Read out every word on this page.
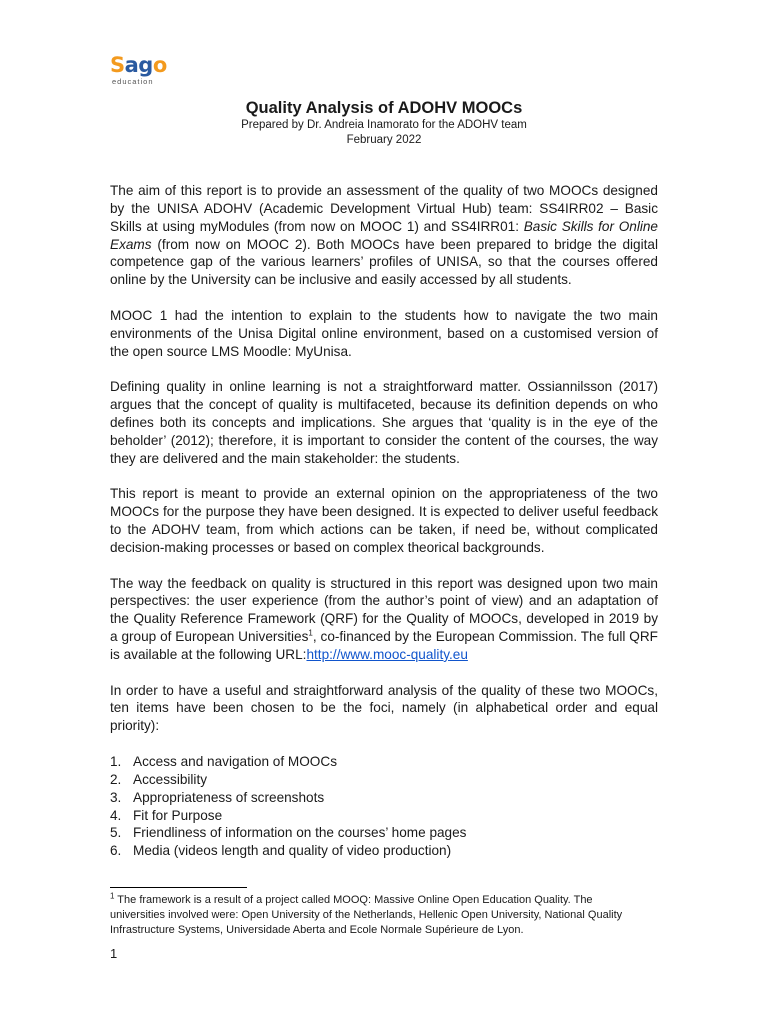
Sago
education

Quality Analysis of ADOHV MOOCs

Prepared by Dr. Andreia Inamorato for the ADOHV team

February 2022

The aim of this report is to provide an assessment of the quality of two MOOCs designed by the UNISA ADOHV (Academic Development Virtual Hub) team: SS4IRR02 – Basic Skills at using myModules (from now on MOOC 1) and SS4IRR01: Basic Skills for Online Exams (from now on MOOC 2). Both MOOCs have been prepared to bridge the digital competence gap of the various learners’ profiles of UNISA, so that the courses offered online by the University can be inclusive and easily accessed by all students.

MOOC 1 had the intention to explain to the students how to navigate the two main environments of the Unisa Digital online environment, based on a customised version of the open source LMS Moodle: MyUnisa.

Defining quality in online learning is not a straightforward matter. Ossiannilsson (2017) argues that the concept of quality is multifaceted, because its definition depends on who defines both its concepts and implications. She argues that ‘quality is in the eye of the beholder’ (2012); therefore, it is important to consider the content of the courses, the way they are delivered and the main stakeholder: the students.

This report is meant to provide an external opinion on the appropriateness of the two MOOCs for the purpose they have been designed. It is expected to deliver useful feedback to the ADOHV team, from which actions can be taken, if need be, without complicated decision-making processes or based on complex theorical backgrounds.

The way the feedback on quality is structured in this report was designed upon two main perspectives: the user experience (from the author’s point of view) and an adaptation of the Quality Reference Framework (QRF) for the Quality of MOOCs, developed in 2019 by a group of European Universities$^1$, co-financed by the European Commission. The full QRF is available at the following URL:http://www.mooc-quality.eu

In order to have a useful and straightforward analysis of the quality of these two MOOCs, ten items have been chosen to be the foci, namely (in alphabetical order and equal priority):

1. Access and navigation of MOOCs
2. Accessibility
3. Appropriateness of screenshots
4. Fit for Purpose
5. Friendliness of information on the courses’ home pages
6. Media (videos length and quality of video production)
$^1$ The framework is a result of a project called MOOQ: Massive Online Open Education Quality. The universities involved were: Open University of the Netherlands, Hellenic Open University, National Quality Infrastructure Systems, Universidade Aberta and Ecole Normale Supérieure de Lyon.
1
